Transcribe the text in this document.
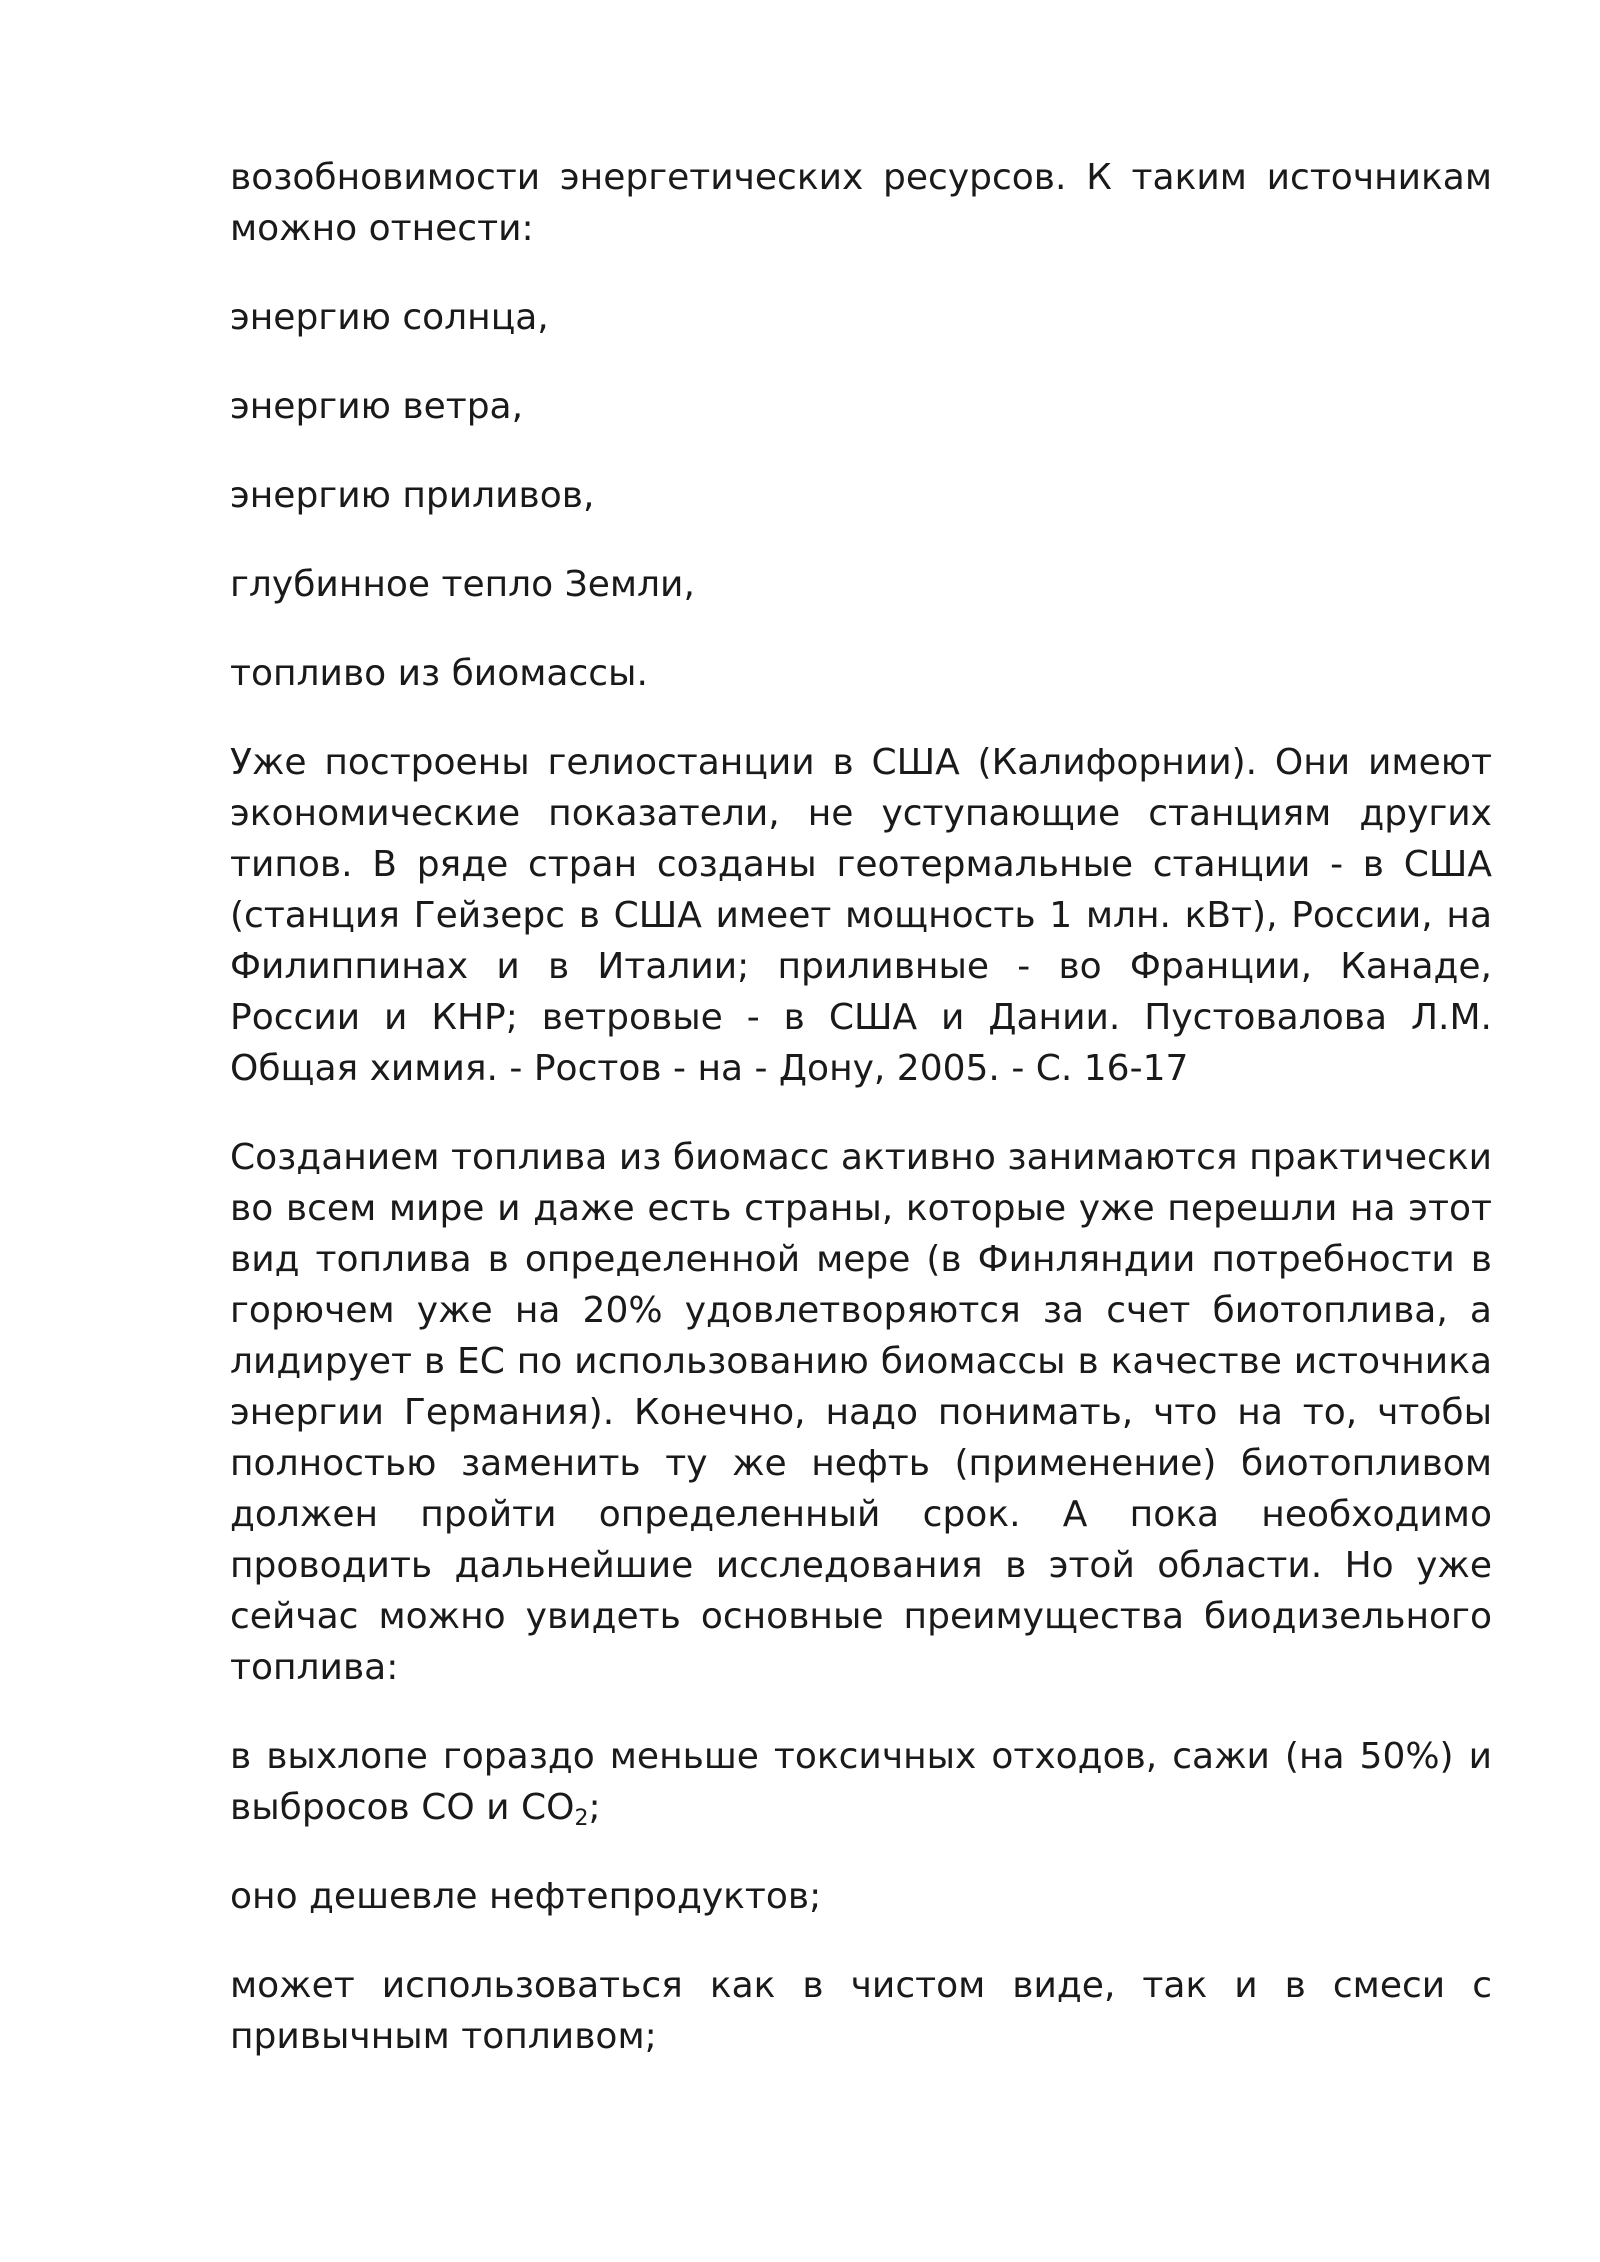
возобновимости энергетических ресурсов. К таким источникам можно отнести:

энергию солнца,

энергию ветра,

энергию приливов,

глубинное тепло Земли,

топливо из биомассы.

Уже построены гелиостанции в США (Калифорнии). Они имеют экономические показатели, не уступающие станциям других типов. В ряде стран созданы геотермальные станции - в США (станция Гейзерс в США имеет мощность 1 млн. кВт), России, на Филиппинах и в Италии; приливные - во Франции, Канаде, России и КНР; ветровые - в США и Дании. Пустовалова Л.М. Общая химия. - Ростов - на - Дону, 2005. - С. 16-17

Созданием топлива из биомасс активно занимаются практически во всем мире и даже есть страны, которые уже перешли на этот вид топлива в определенной мере (в Финляндии потребности в горючем уже на 20% удовлетворяются за счет биотоплива, а лидирует в ЕС по использованию биомассы в качестве источника энергии Германия). Конечно, надо понимать, что на то, чтобы полностью заменить ту же нефть (применение) биотопливом должен пройти определенный срок. А пока необходимо проводить дальнейшие исследования в этой области. Но уже сейчас можно увидеть основные преимущества биодизельного топлива:

в выхлопе гораздо меньше токсичных отходов, сажи (на 50%) и выбросов СО и $СО_2$;

оно дешевле нефтепродуктов;

может использоваться как в чистом виде, так и в смеси с привычным топливом;
